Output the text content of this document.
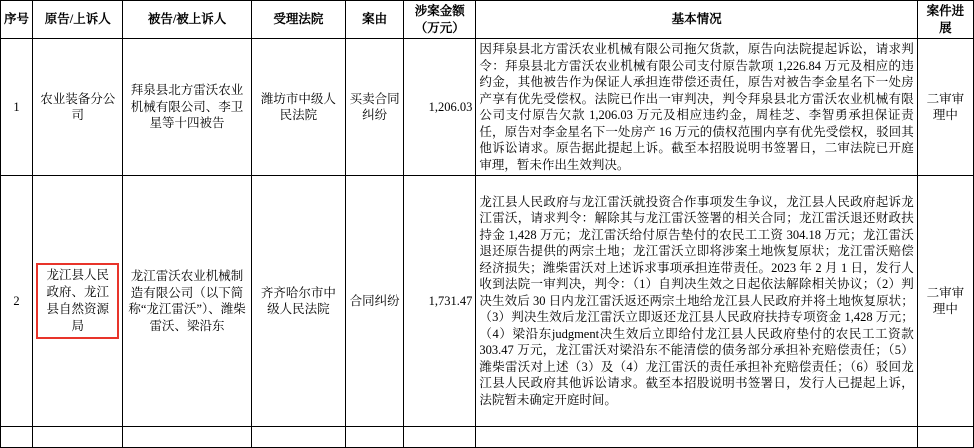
序号	原告/上诉人	被告/被上诉人	受理法院	案由	涉案金额（万元）	基本情况	案件进展
1	农业装备分公司	拜泉县北方雷沃农业机械有限公司、李卫星等十四被告	潍坊市中级人民法院	买卖合同纠纷	1,206.03	因拜泉县北方雷沃农业机械有限公司拖欠货款，原告向法院提起诉讼，请求判令：拜泉县北方雷沃农业机械有限公司支付原告款项 1,226.84 万元及相应的违约金，其他被告作为保证人承担连带偿还责任，原告对被告李金星名下一处房产享有优先受偿权。法院已作出一审判决，判令拜泉县北方雷沃农业机械有限公司支付原告欠款 1,206.03 万元及相应违约金，周桂芝、李智勇承担保证责任，原告对李金星名下一处房产 16 万元的债权范围内享有优先受偿权，驳回其他诉讼请求。原告据此提起上诉。截至本招股说明书签署日，二审法院已开庭审理，暂未作出生效判决。	二审审理中
2	龙江县人民政府、龙江县自然资源局	龙江雷沃农业机械制造有限公司（以下简称“龙江雷沃”）、潍柴雷沃、梁沿东	齐齐哈尔市中级人民法院	合同纠纷	1,731.47	龙江县人民政府与龙江雷沃就投资合作事项发生争议，龙江县人民政府起诉龙江雷沃，请求判令：解除其与龙江雷沃签署的相关合同；龙江雷沃退还财政扶持金 1,428 万元；龙江雷沃给付原告垫付的农民工工资 304.18 万元；龙江雷沃退还原告提供的两宗土地；龙江雷沃立即将涉案土地恢复原状；龙江雷沃赔偿经济损失；潍柴雷沃对上述诉求事项承担连带责任。2023 年 2 月 1 日，发行人收到法院一审判决，判令：（1）自判决生效之日起依法解除相关协议；（2）判决生效后 30 日内龙江雷沃返还两宗土地给龙江县人民政府并将土地恢复原状；（3）判决生效后龙江雷沃立即返还龙江县人民政府扶持专项资金 1,428 万元；（4）梁沿东judgment决生效后立即给付龙江县人民政府垫付的农民工工资款303.47 万元，龙江雷沃对梁沿东不能清偿的债务部分承担补充赔偿责任；（5）潍柴雷沃对上述（3）及（4）龙江雷沃的责任承担补充赔偿责任；（6）驳回龙江县人民政府其他诉讼请求。截至本招股说明书签署日，发行人已提起上诉，法院暂未确定开庭时间。	二审审理中
